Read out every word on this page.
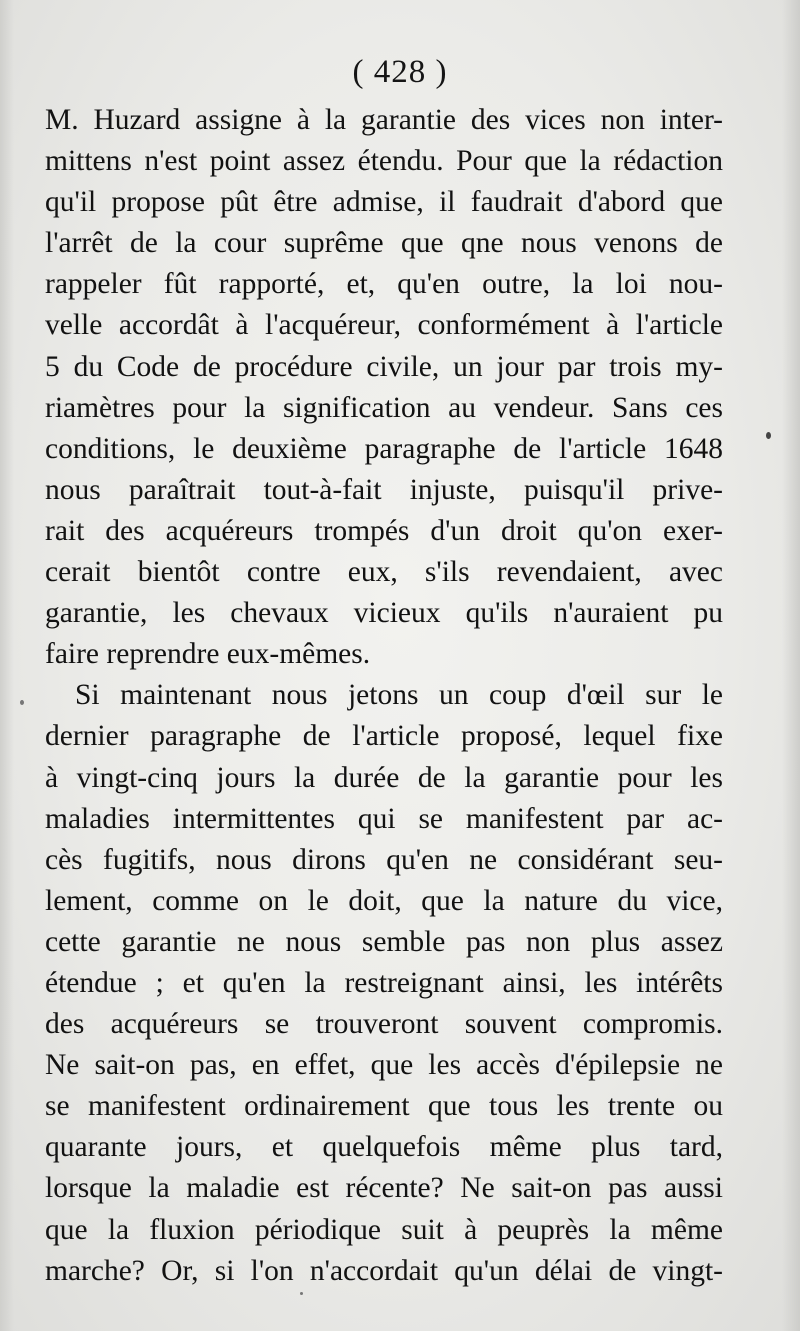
( 428 )
M. Huzard assigne à la garantie des vices non inter-
mittens n'est point assez étendu. Pour que la rédaction
qu'il propose pût être admise, il faudrait d'abord que
l'arrêt de la cour suprême que qne nous venons de
rappeler fût rapporté, et, qu'en outre, la loi nou-
velle accordât à l'acquéreur, conformément à l'article
5 du Code de procédure civile, un jour par trois my-
riamètres pour la signification au vendeur. Sans ces
conditions, le deuxième paragraphe de l'article 1648
nous paraîtrait tout-à-fait injuste, puisqu'il prive-
rait des acquéreurs trompés d'un droit qu'on exer-
cerait bientôt contre eux, s'ils revendaient, avec
garantie, les chevaux vicieux qu'ils n'auraient pu
faire reprendre eux-mêmes.
Si maintenant nous jetons un coup d'œil sur le
dernier paragraphe de l'article proposé, lequel fixe
à vingt-cinq jours la durée de la garantie pour les
maladies intermittentes qui se manifestent par ac-
cès fugitifs, nous dirons qu'en ne considérant seu-
lement, comme on le doit, que la nature du vice,
cette garantie ne nous semble pas non plus assez
étendue ; et qu'en la restreignant ainsi, les intérêts
des acquéreurs se trouveront souvent compromis.
Ne sait-on pas, en effet, que les accès d'épilepsie ne
se manifestent ordinairement que tous les trente ou
quarante jours, et quelquefois même plus tard,
lorsque la maladie est récente? Ne sait-on pas aussi
que la fluxion périodique suit à peuprès la même
marche? Or, si l'on n'accordait qu'un délai de vingt-
